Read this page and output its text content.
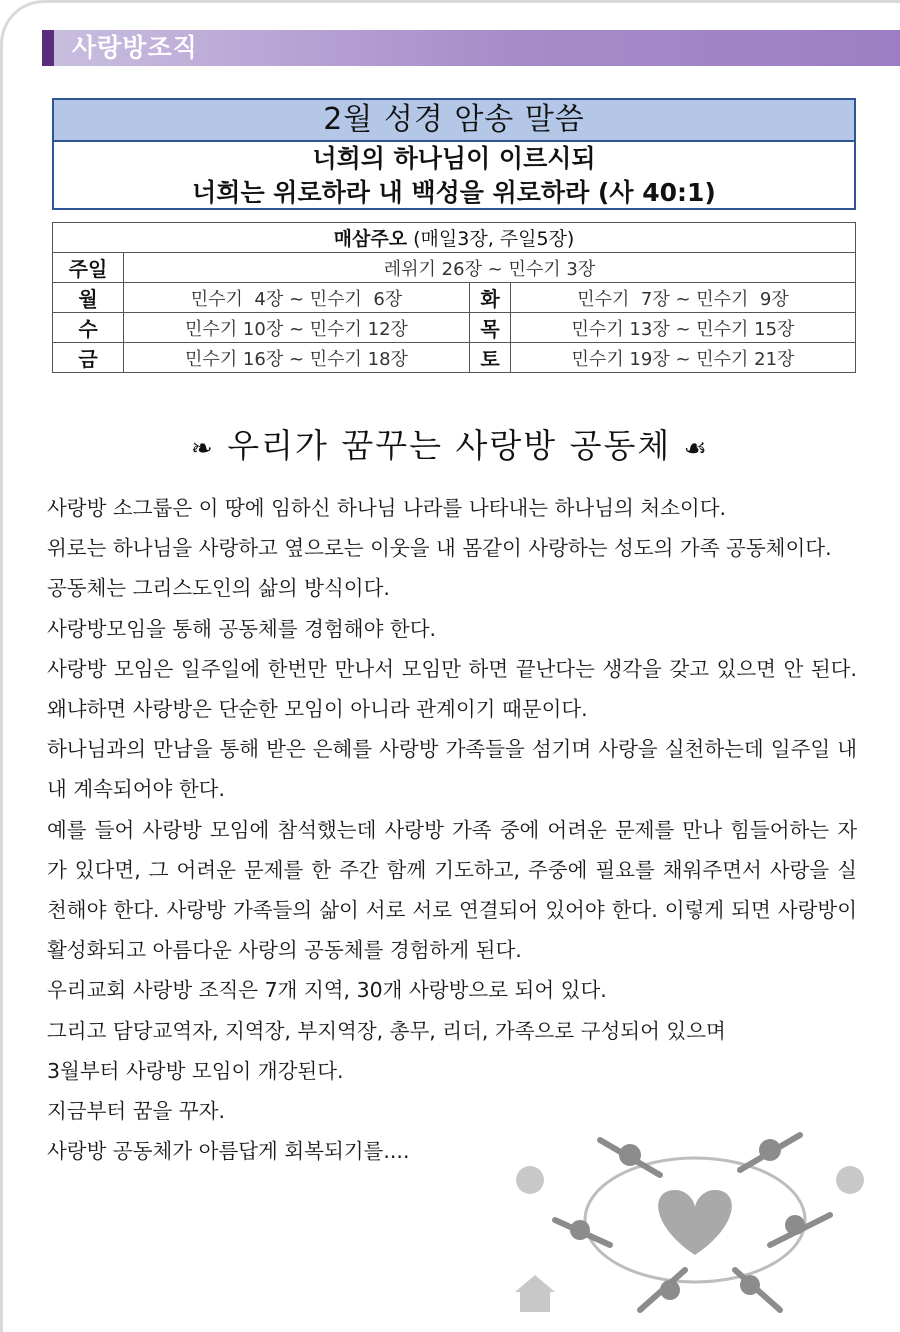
사랑방조직
2월 성경 암송 말씀
너희의 하나님이 이르시되
너희는 위로하라 내 백성을 위로하라 (사 40:1)
매삼주오 (매일3장, 주일5장)			
주일	레위기 26장 ~ 민수기 3장		
월	민수기  4장 ~ 민수기  6장	화	민수기  7장 ~ 민수기  9장
수	민수기 10장 ~ 민수기 12장	목	민수기 13장 ~ 민수기 15장
금	민수기 16장 ~ 민수기 18장	토	민수기 19장 ~ 민수기 21장
❧ 우리가 꿈꾸는 사랑방 공동체 ☙

사랑방 소그룹은 이 땅에 임하신 하나님 나라를 나타내는 하나님의 처소이다.

위로는 하나님을 사랑하고 옆으로는 이웃을 내 몸같이 사랑하는 성도의 가족 공동체이다.

공동체는 그리스도인의 삶의 방식이다.

사랑방모임을 통해 공동체를 경험해야 한다.

사랑방 모임은 일주일에 한번만 만나서 모임만 하면 끝난다는 생각을 갖고 있으면 안 된다. 왜냐하면 사랑방은 단순한 모임이 아니라 관계이기 때문이다.

하나님과의 만남을 통해 받은 은혜를 사랑방 가족들을 섬기며 사랑을 실천하는데 일주일 내내 계속되어야 한다.

예를 들어 사랑방 모임에 참석했는데 사랑방 가족 중에 어려운 문제를 만나 힘들어하는 자가 있다면, 그 어려운 문제를 한 주간 함께 기도하고, 주중에 필요를 채워주면서 사랑을 실천해야 한다. 사랑방 가족들의 삶이 서로 서로 연결되어 있어야 한다. 이렇게 되면 사랑방이 활성화되고 아름다운 사랑의 공동체를 경험하게 된다.

우리교회 사랑방 조직은 7개 지역, 30개 사랑방으로 되어 있다.

그리고 담당교역자, 지역장, 부지역장, 총무, 리더, 가족으로 구성되어 있으며

3월부터 사랑방 모임이 개강된다.

지금부터 꿈을 꾸자.

사랑방 공동체가 아름답게 회복되기를....
